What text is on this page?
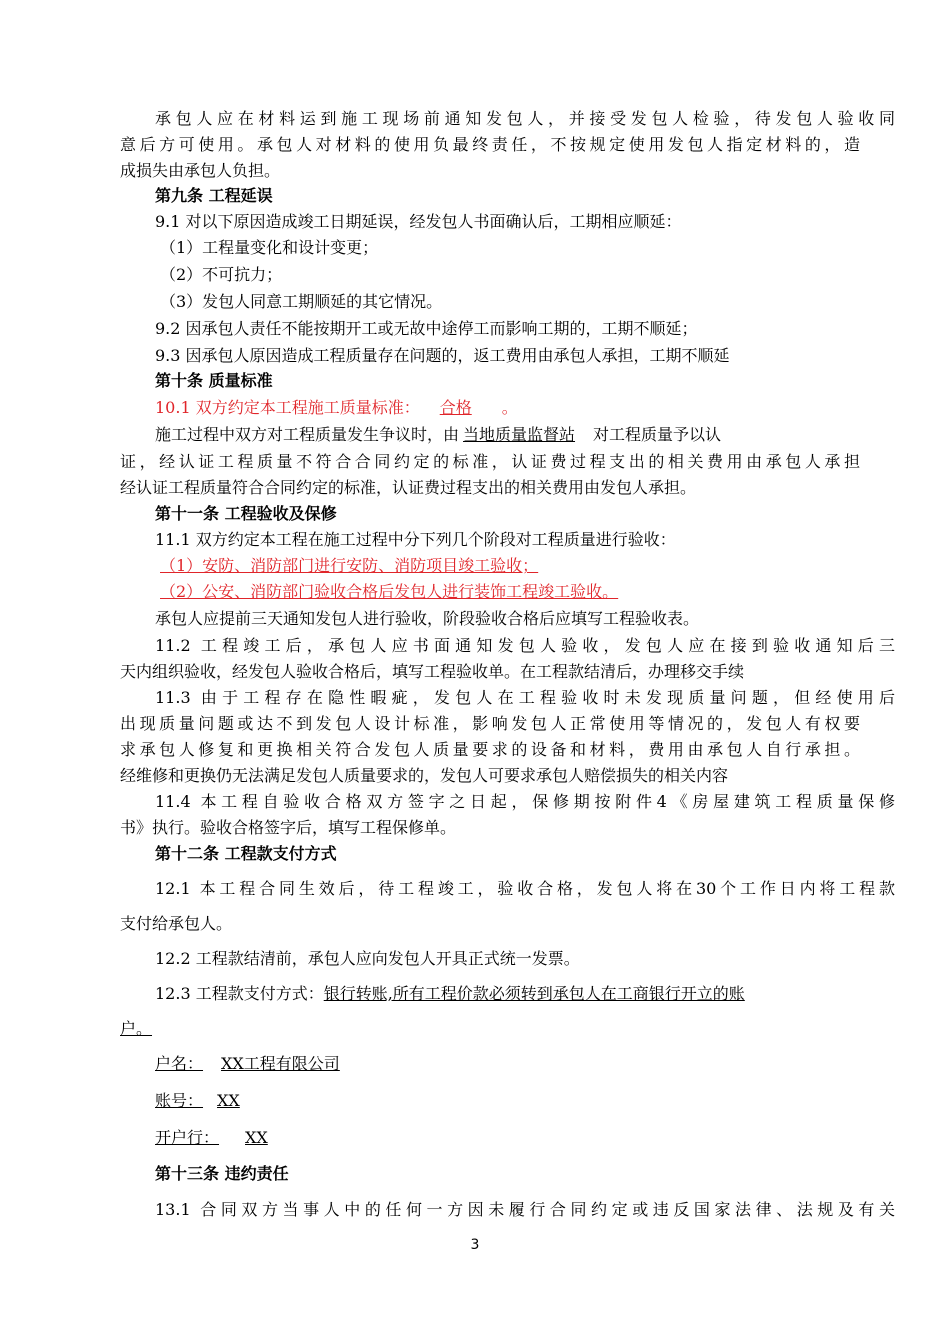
承包人应在材料运到施工现场前通知发包人，并接受发包人检验，待发包人验收同
意后方可使用。承包人对材料的使用负最终责任，不按规定使用发包人指定材料的，造
成损失由承包人负担。
第九条 工程延误
9.1 对以下原因造成竣工日期延误，经发包人书面确认后，工期相应顺延：
（1）工程量变化和设计变更；
（2）不可抗力；
（3）发包人同意工期顺延的其它情况。
9.2 因承包人责任不能按期开工或无故中途停工而影响工期的，工期不顺延；
9.3 因承包人原因造成工程质量存在问题的，返工费用由承包人承担，工期不顺延
第十条 质量标准
10.1 双方约定本工程施工质量标准： 合格 。
施工过程中双方对工程质量发生争议时，由 当地质量监督站 对工程质量予以认
证，经认证工程质量不符合合同约定的标准，认证费过程支出的相关费用由承包人承担
经认证工程质量符合合同约定的标准，认证费过程支出的相关费用由发包人承担。
第十一条 工程验收及保修
11.1 双方约定本工程在施工过程中分下列几个阶段对工程质量进行验收：
（1）安防、消防部门进行安防、消防项目竣工验收；
（2）公安、消防部门验收合格后发包人进行装饰工程竣工验收。
承包人应提前三天通知发包人进行验收，阶段验收合格后应填写工程验收表。
11.2 工程竣工后，承包人应书面通知发包人验收，发包人应在接到验收通知后三
天内组织验收，经发包人验收合格后，填写工程验收单。在工程款结清后，办理移交手续
11.3 由于工程存在隐性暇疵，发包人在工程验收时未发现质量问题，但经使用后
出现质量问题或达不到发包人设计标准，影响发包人正常使用等情况的，发包人有权要
求承包人修复和更换相关符合发包人质量要求的设备和材料，费用由承包人自行承担。
经维修和更换仍无法满足发包人质量要求的，发包人可要求承包人赔偿损失的相关内容
11.4 本工程自验收合格双方签字之日起，保修期按附件4《房屋建筑工程质量保修
书》执行。验收合格签字后，填写工程保修单。
第十二条 工程款支付方式
12.1 本工程合同生效后，待工程竣工，验收合格，发包人将在30个工作日内将工程款
支付给承包人。
12.2 工程款结清前，承包人应向发包人开具正式统一发票。
12.3 工程款支付方式：银行转账,所有工程价款必须转到承包人在工商银行开立的账
户。
户名： XX工程有限公司
账号： XX
开户行： XX
第十三条 违约责任
13.1 合同双方当事人中的任何一方因未履行合同约定或违反国家法律、法规及有关
3
